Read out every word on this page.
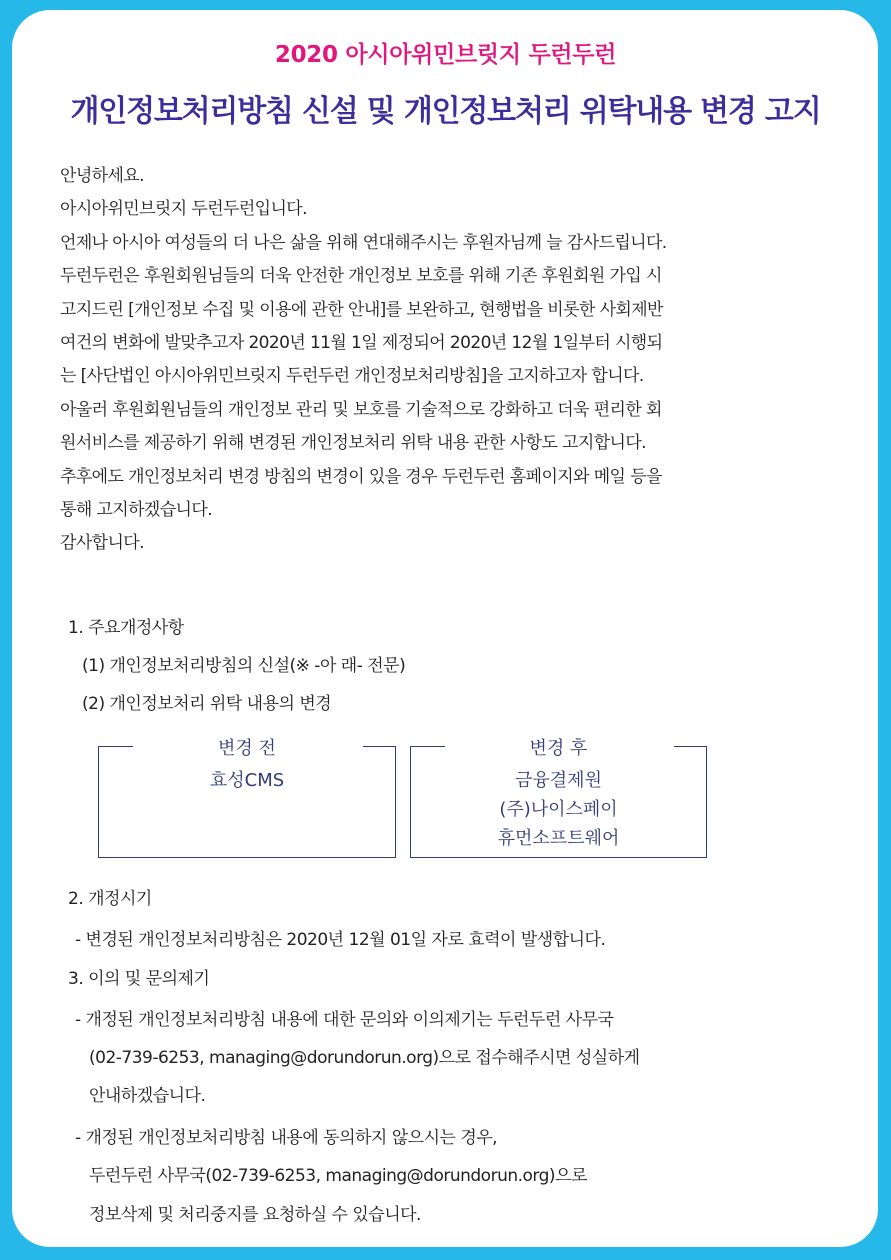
2020 아시아위민브릿지 두런두런
개인정보처리방침 신설 및 개인정보처리 위탁내용 변경 고지
안녕하세요.
아시아위민브릿지 두런두런입니다.
언제나 아시아 여성들의 더 나은 삶을 위해 연대해주시는 후원자님께 늘 감사드립니다.
두런두런은 후원회원님들의 더욱 안전한 개인정보 보호를 위해 기존 후원회원 가입 시
고지드린 [개인정보 수집 및 이용에 관한 안내]를 보완하고, 현행법을 비롯한 사회제반
여건의 변화에 발맞추고자 2020년 11월 1일 제정되어 2020년 12월 1일부터 시행되
는 [사단법인 아시아위민브릿지 두런두런 개인정보처리방침]을 고지하고자 합니다.
아울러 후원회원님들의 개인정보 관리 및 보호를 기술적으로 강화하고 더욱 편리한 회
원서비스를 제공하기 위해 변경된 개인정보처리 위탁 내용 관한 사항도 고지합니다.
추후에도 개인정보처리 변경 방침의 변경이 있을 경우 두런두런 홈페이지와 메일 등을
통해 고지하겠습니다.
감사합니다.
1. 주요개정사항
(1) 개인정보처리방침의 신설(※ -아 래- 전문)
(2) 개인정보처리 위탁 내용의 변경
변경 전
효성CMS
변경 후
금융결제원
(주)나이스페이
휴먼소프트웨어
2. 개정시기
- 변경된 개인정보처리방침은 2020년 12월 01일 자로 효력이 발생합니다.
3. 이의 및 문의제기
- 개정된 개인정보처리방침 내용에 대한 문의와 이의제기는 두런두런 사무국
(02-739-6253, managing@dorundorun.org)으로 접수해주시면 성실하게
안내하겠습니다.
- 개정된 개인정보처리방침 내용에 동의하지 않으시는 경우,
두런두런 사무국(02-739-6253, managing@dorundorun.org)으로
정보삭제 및 처리중지를 요청하실 수 있습니다.
